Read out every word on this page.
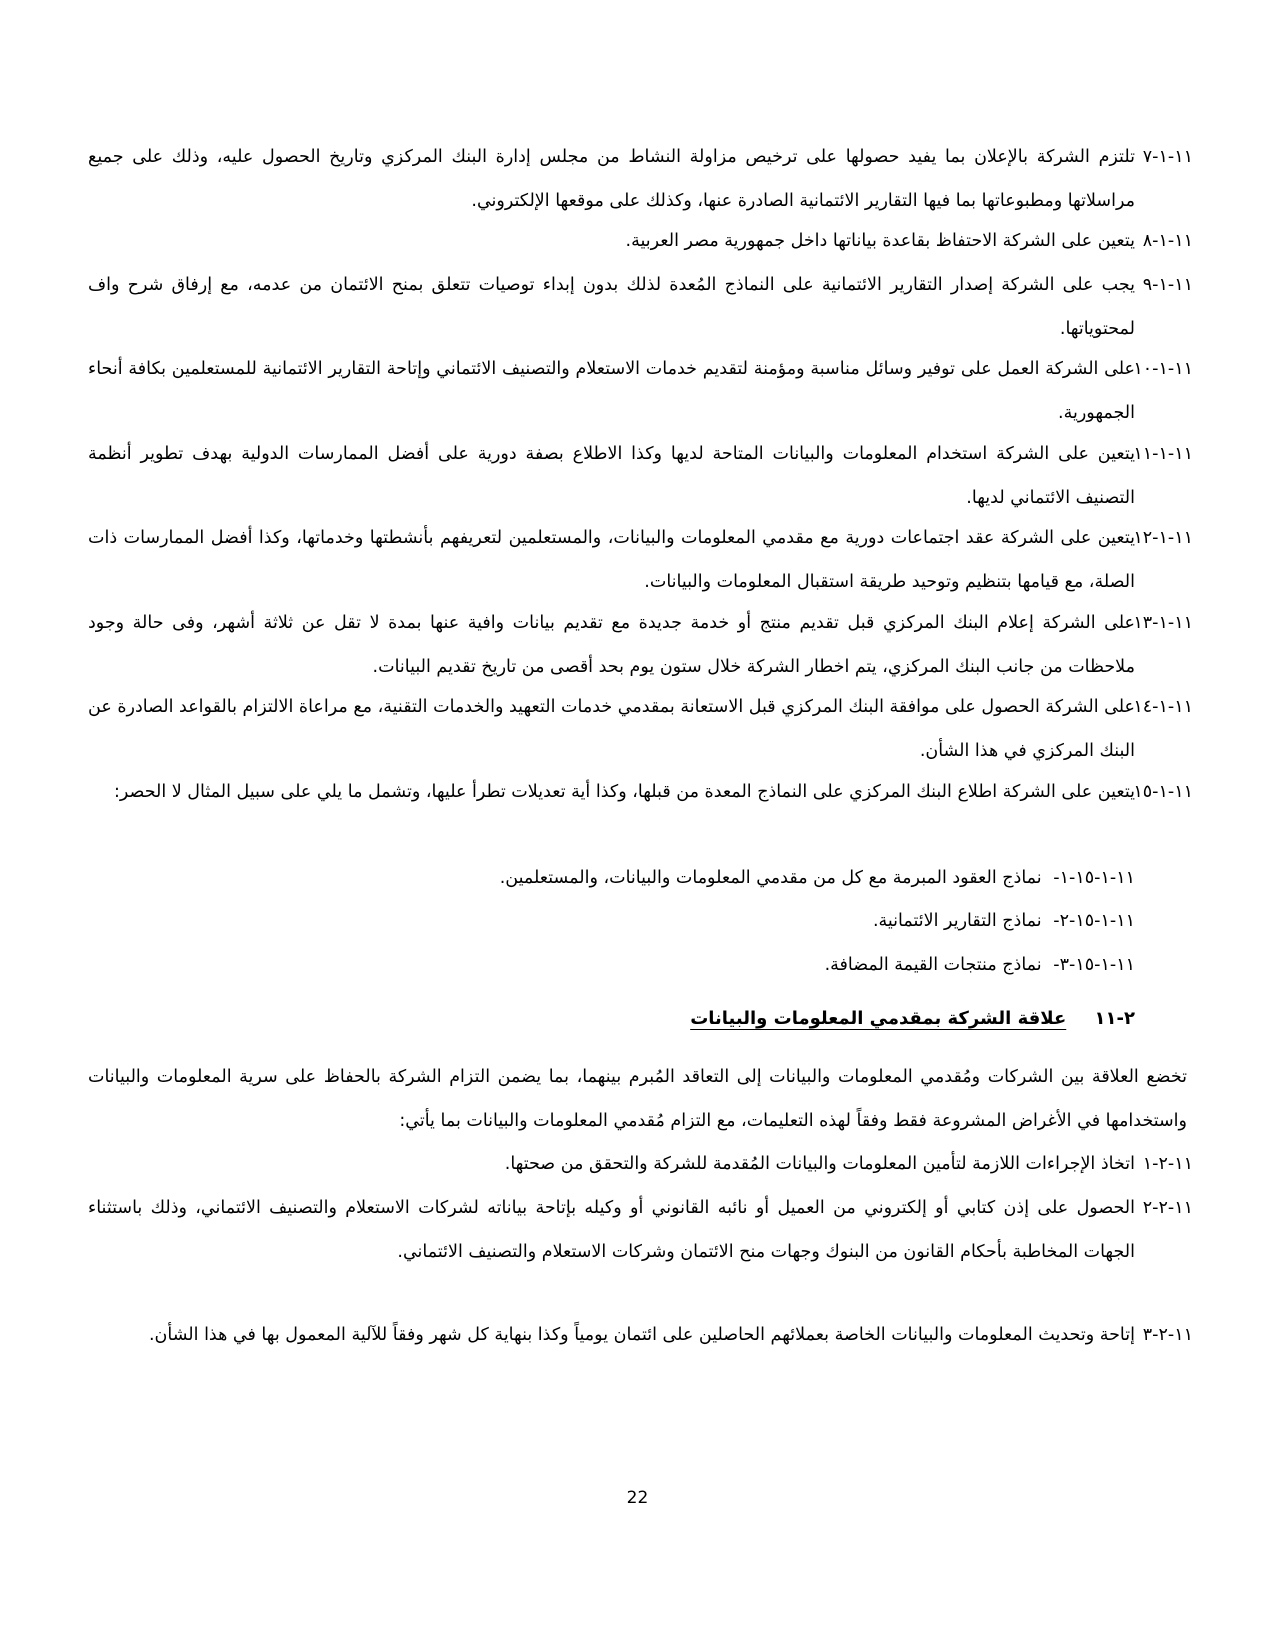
١١-١-٧
تلتزم الشركة بالإعلان بما يفيد حصولها على ترخيص مزاولة النشاط من مجلس إدارة البنك المركزي وتاريخ الحصول عليه، وذلك على جميع مراسلاتها ومطبوعاتها بما فيها التقارير الائتمانية الصادرة عنها، وكذلك على موقعها الإلكتروني.
١١-١-٨
يتعين على الشركة الاحتفاظ بقاعدة بياناتها داخل جمهورية مصر العربية.
١١-١-٩
يجب على الشركة إصدار التقارير الائتمانية على النماذج المُعدة لذلك بدون إبداء توصيات تتعلق بمنح الائتمان من عدمه، مع إرفاق شرح واف لمحتوياتها.
١١-١-١٠
على الشركة العمل على توفير وسائل مناسبة ومؤمنة لتقديم خدمات الاستعلام والتصنيف الائتماني وإتاحة التقارير الائتمانية للمستعلمين بكافة أنحاء الجمهورية.
١١-١-١١
يتعين على الشركة استخدام المعلومات والبيانات المتاحة لديها وكذا الاطلاع بصفة دورية على أفضل الممارسات الدولية بهدف تطوير أنظمة التصنيف الائتماني لديها.
١١-١-١٢
يتعين على الشركة عقد اجتماعات دورية مع مقدمي المعلومات والبيانات، والمستعلمين لتعريفهم بأنشطتها وخدماتها، وكذا أفضل الممارسات ذات الصلة، مع قيامها بتنظيم وتوحيد طريقة استقبال المعلومات والبيانات.
١١-١-١٣
على الشركة إعلام البنك المركزي قبل تقديم منتج أو خدمة جديدة مع تقديم بيانات وافية عنها بمدة لا تقل عن ثلاثة أشهر، وفى حالة وجود ملاحظات من جانب البنك المركزي، يتم اخطار الشركة خلال ستون يوم بحد أقصى من تاريخ تقديم البيانات.
١١-١-١٤
على الشركة الحصول على موافقة البنك المركزي قبل الاستعانة بمقدمي خدمات التعهيد والخدمات التقنية، مع مراعاة الالتزام بالقواعد الصادرة عن البنك المركزي في هذا الشأن.
١١-١-١٥
يتعين على الشركة اطلاع البنك المركزي على النماذج المعدة من قبلها، وكذا أية تعديلات تطرأ عليها، وتشمل ما يلي على سبيل المثال لا الحصر:
١١-١-١٥-١- نماذج العقود المبرمة مع كل من مقدمي المعلومات والبيانات، والمستعلمين.
١١-١-١٥-٢- نماذج التقارير الائتمانية.
١١-١-١٥-٣- نماذج منتجات القيمة المضافة.
٢-١١ علاقة الشركة بمقدمي المعلومات والبيانات
تخضع العلاقة بين الشركات ومُقدمي المعلومات والبيانات إلى التعاقد المُبرم بينهما، بما يضمن التزام الشركة بالحفاظ على سرية المعلومات والبيانات واستخدامها في الأغراض المشروعة فقط وفقاً لهذه التعليمات، مع التزام مُقدمي المعلومات والبيانات بما يأتي:
١١-٢-١
اتخاذ الإجراءات اللازمة لتأمين المعلومات والبيانات المُقدمة للشركة والتحقق من صحتها.
١١-٢-٢
الحصول على إذن كتابي أو إلكتروني من العميل أو نائبه القانوني أو وكيله بإتاحة بياناته لشركات الاستعلام والتصنيف الائتماني، وذلك باستثناء الجهات المخاطبة بأحكام القانون من البنوك وجهات منح الائتمان وشركات الاستعلام والتصنيف الائتماني.
١١-٢-٣
إتاحة وتحديث المعلومات والبيانات الخاصة بعملائهم الحاصلين على ائتمان يومياً وكذا بنهاية كل شهر وفقاً للآلية المعمول بها في هذا الشأن.
22
